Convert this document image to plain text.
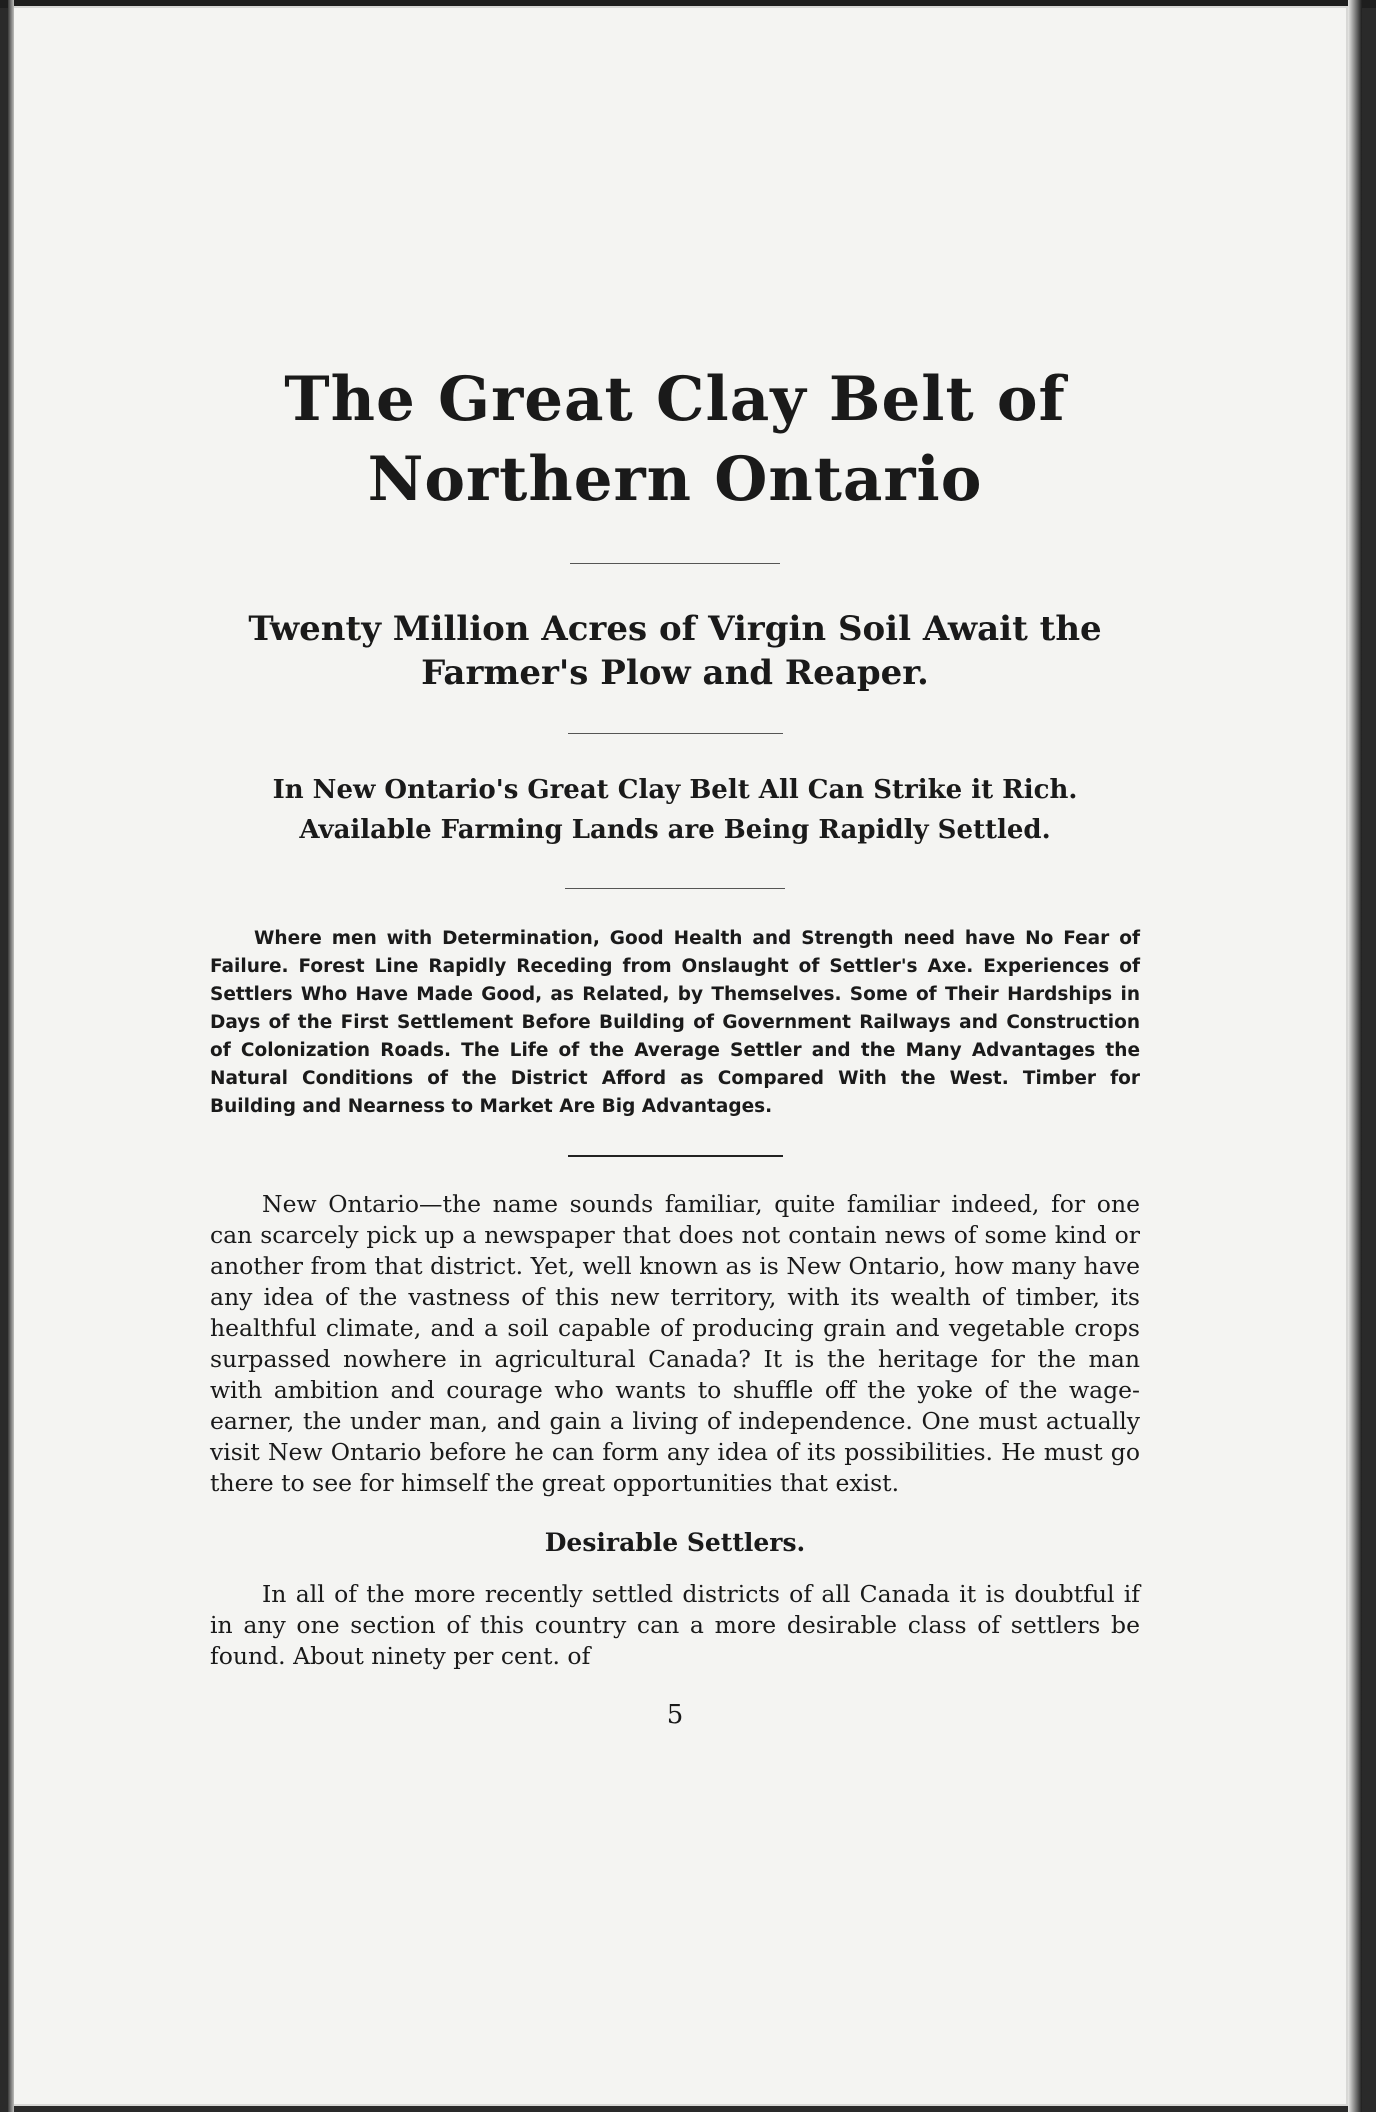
The Great Clay Belt of
Northern Ontario
Twenty Million Acres of Virgin Soil Await the
Farmer's Plow and Reaper.
In New Ontario's Great Clay Belt All Can Strike it Rich.
Available Farming Lands are Being Rapidly Settled.

Where men with Determination, Good Health and Strength need have No Fear of Failure. Forest Line Rapidly Receding from Onslaught of Settler's Axe. Experiences of Settlers Who Have Made Good, as Related, by Themselves. Some of Their Hardships in Days of the First Settlement Before Building of Government Railways and Construction of Colonization Roads. The Life of the Average Settler and the Many Advantages the Natural Conditions of the District Afford as Compared With the West. Timber for Building and Nearness to Market Are Big Advantages.

New Ontario—the name sounds familiar, quite familiar indeed, for one can scarcely pick up a newspaper that does not contain news of some kind or another from that district. Yet, well known as is New Ontario, how many have any idea of the vastness of this new territory, with its wealth of timber, its healthful climate, and a soil capable of producing grain and vegetable crops surpassed nowhere in agricultural Canada? It is the heritage for the man with ambition and courage who wants to shuffle off the yoke of the wage-earner, the under man, and gain a living of independence. One must actually visit New Ontario before he can form any idea of its possibilities. He must go there to see for himself the great opportunities that exist.

Desirable Settlers.

In all of the more recently settled districts of all Canada it is doubtful if in any one section of this country can a more desirable class of settlers be found. About ninety per cent. of

5
